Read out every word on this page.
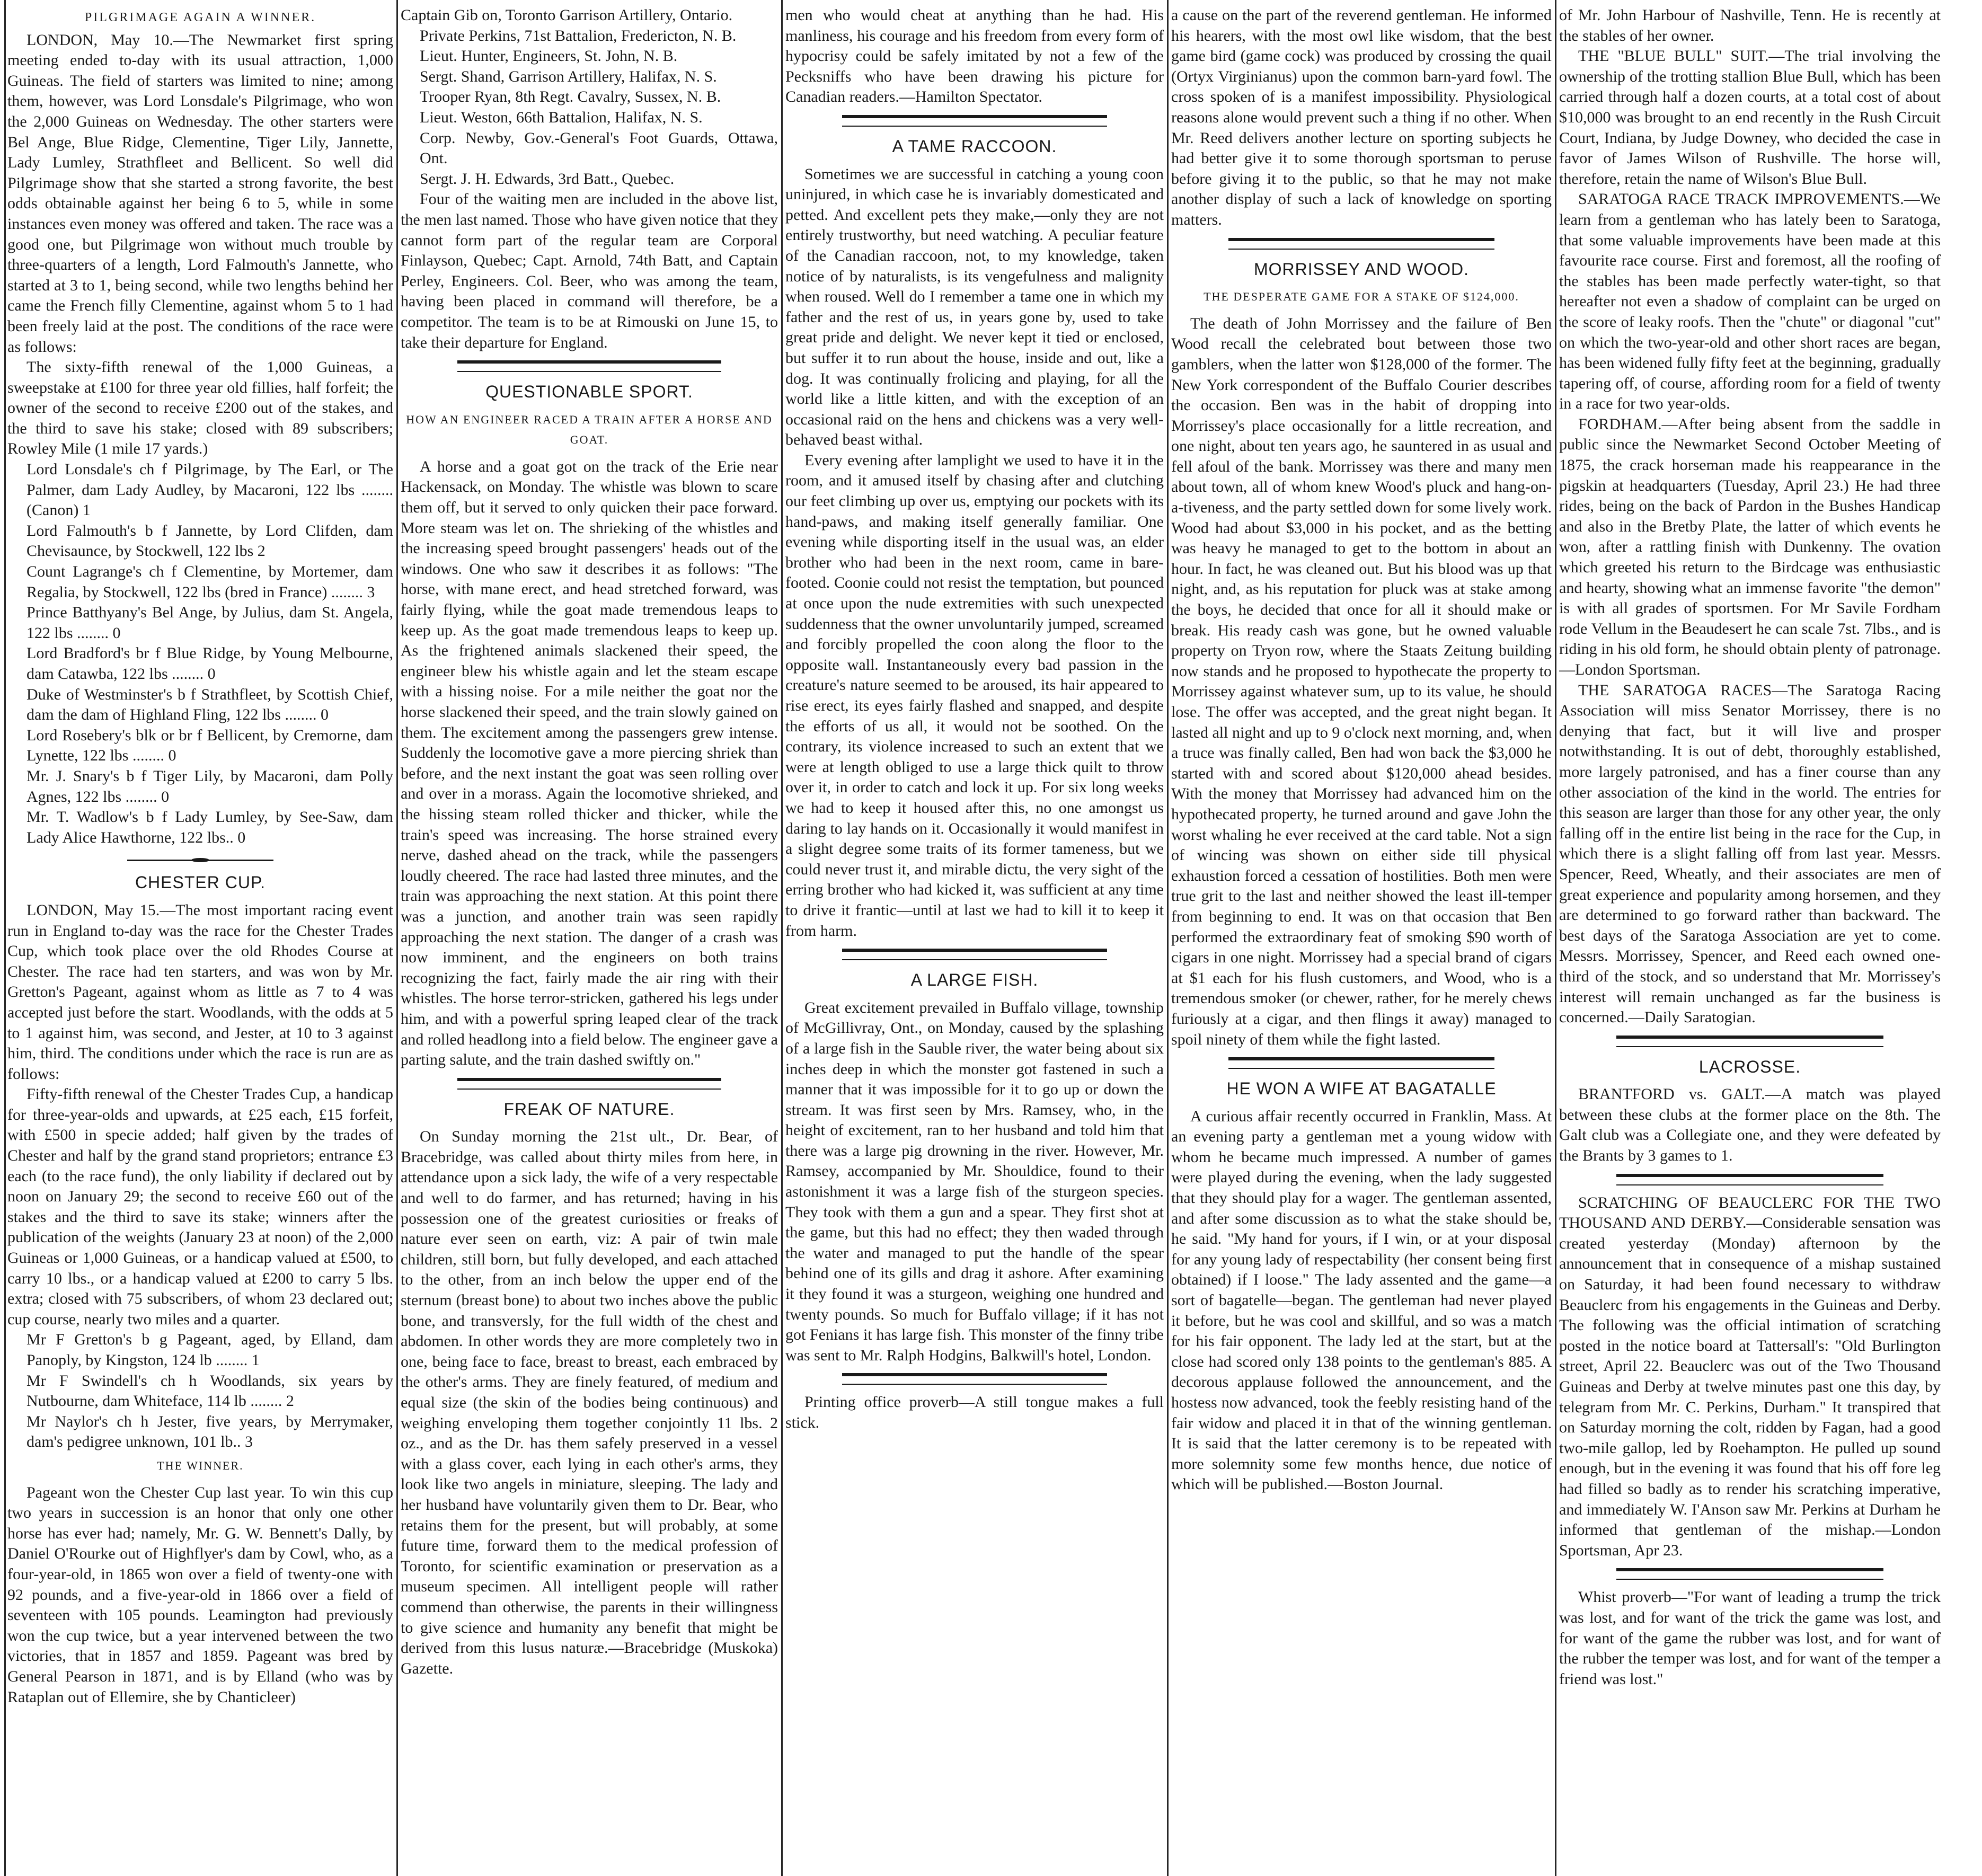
PILGRIMAGE AGAIN A WINNER.

LONDON, May 10.—The Newmarket first spring meeting ended to-day with its usual attraction, 1,000 Guineas. The field of starters was limited to nine; among them, however, was Lord Lonsdale's Pilgrimage, who won the 2,000 Guineas on Wednesday. The other starters were Bel Ange, Blue Ridge, Clementine, Tiger Lily, Jannette, Lady Lumley, Strathfleet and Bellicent. So well did Pilgrimage show that she started a strong favorite, the best odds obtainable against her being 6 to 5, while in some instances even money was offered and taken. The race was a good one, but Pilgrimage won without much trouble by three-quarters of a length, Lord Falmouth's Jannette, who started at 3 to 1, being second, while two lengths behind her came the French filly Clementine, against whom 5 to 1 had been freely laid at the post. The conditions of the race were as follows:

The sixty-fifth renewal of the 1,000 Guineas, a sweepstake at £100 for three year old fillies, half forfeit; the owner of the second to receive £200 out of the stakes, and the third to save his stake; closed with 89 subscribers; Rowley Mile (1 mile 17 yards.)

Lord Lonsdale's ch f Pilgrimage, by The Earl, or The Palmer, dam Lady Audley, by Macaroni, 122 lbs ........(Canon) 1

Lord Falmouth's b f Jannette, by Lord Clifden, dam Chevisaunce, by Stockwell, 122 lbs 2

Count Lagrange's ch f Clementine, by Mortemer, dam Regalia, by Stockwell, 122 lbs (bred in France) ........ 3

Prince Batthyany's Bel Ange, by Julius, dam St. Angela, 122 lbs ........ 0

Lord Bradford's br f Blue Ridge, by Young Melbourne, dam Catawba, 122 lbs ........ 0

Duke of Westminster's b f Strathfleet, by Scottish Chief, dam the dam of Highland Fling, 122 lbs ........ 0

Lord Rosebery's blk or br f Bellicent, by Cremorne, dam Lynette, 122 lbs ........ 0

Mr. J. Snary's b f Tiger Lily, by Macaroni, dam Polly Agnes, 122 lbs ........ 0

Mr. T. Wadlow's b f Lady Lumley, by See-Saw, dam Lady Alice Hawthorne, 122 lbs.. 0

CHESTER CUP.

LONDON, May 15.—The most important racing event run in England to-day was the race for the Chester Trades Cup, which took place over the old Rhodes Course at Chester. The race had ten starters, and was won by Mr. Gretton's Pageant, against whom as little as 7 to 4 was accepted just before the start. Woodlands, with the odds at 5 to 1 against him, was second, and Jester, at 10 to 3 against him, third. The conditions under which the race is run are as follows:

Fifty-fifth renewal of the Chester Trades Cup, a handicap for three-year-olds and upwards, at £25 each, £15 forfeit, with £500 in specie added; half given by the trades of Chester and half by the grand stand proprietors; entrance £3 each (to the race fund), the only liability if declared out by noon on January 29; the second to receive £60 out of the stakes and the third to save its stake; winners after the publication of the weights (January 23 at noon) of the 2,000 Guineas or 1,000 Guineas, or a handicap valued at £500, to carry 10 lbs., or a handicap valued at £200 to carry 5 lbs. extra; closed with 75 subscribers, of whom 23 declared out; cup course, nearly two miles and a quarter.

Mr F Gretton's b g Pageant, aged, by Elland, dam Panoply, by Kingston, 124 lb ........ 1

Mr F Swindell's ch h Woodlands, six years by Nutbourne, dam Whiteface, 114 lb ........ 2

Mr Naylor's ch h Jester, five years, by Merrymaker, dam's pedigree unknown, 101 lb.. 3

THE WINNER.

Pageant won the Chester Cup last year. To win this cup two years in succession is an honor that only one other horse has ever had; namely, Mr. G. W. Bennett's Dally, by Daniel O'Rourke out of Highflyer's dam by Cowl, who, as a four-year-old, in 1865 won over a field of twenty-one with 92 pounds, and a five-year-old in 1866 over a field of seventeen with 105 pounds. Leamington had previously won the cup twice, but a year intervened between the two victories, that in 1857 and 1859. Pageant was bred by General Pearson in 1871, and is by Elland (who was by Rataplan out of Ellemire, she by Chanticleer)

Captain Gib on, Toronto Garrison Artillery, Ontario.

Private Perkins, 71st Battalion, Fredericton, N. B.

Lieut. Hunter, Engineers, St. John, N. B.

Sergt. Shand, Garrison Artillery, Halifax, N. S.

Trooper Ryan, 8th Regt. Cavalry, Sussex, N. B.

Lieut. Weston, 66th Battalion, Halifax, N. S.

Corp. Newby, Gov.-General's Foot Guards, Ottawa, Ont.

Sergt. J. H. Edwards, 3rd Batt., Quebec.

Four of the waiting men are included in the above list, the men last named. Those who have given notice that they cannot form part of the regular team are Corporal Finlayson, Quebec; Capt. Arnold, 74th Batt, and Captain Perley, Engineers. Col. Beer, who was among the team, having been placed in command will therefore, be a competitor. The team is to be at Rimouski on June 15, to take their departure for England.

QUESTIONABLE SPORT.
HOW AN ENGINEER RACED A TRAIN AFTER A HORSE AND GOAT.

A horse and a goat got on the track of the Erie near Hackensack, on Monday. The whistle was blown to scare them off, but it served to only quicken their pace forward. More steam was let on. The shrieking of the whistles and the increasing speed brought passengers' heads out of the windows. One who saw it describes it as follows: "The horse, with mane erect, and head stretched forward, was fairly flying, while the goat made tremendous leaps to keep up. As the goat made tremendous leaps to keep up. As the frightened animals slackened their speed, the engineer blew his whistle again and let the steam escape with a hissing noise. For a mile neither the goat nor the horse slackened their speed, and the train slowly gained on them. The excitement among the passengers grew intense. Suddenly the locomotive gave a more piercing shriek than before, and the next instant the goat was seen rolling over and over in a morass. Again the locomotive shrieked, and the hissing steam rolled thicker and thicker, while the train's speed was increasing. The horse strained every nerve, dashed ahead on the track, while the passengers loudly cheered. The race had lasted three minutes, and the train was approaching the next station. At this point there was a junction, and another train was seen rapidly approaching the next station. The danger of a crash was now imminent, and the engineers on both trains recognizing the fact, fairly made the air ring with their whistles. The horse terror-stricken, gathered his legs under him, and with a powerful spring leaped clear of the track and rolled headlong into a field below. The engineer gave a parting salute, and the train dashed swiftly on."

FREAK OF NATURE.

On Sunday morning the 21st ult., Dr. Bear, of Bracebridge, was called about thirty miles from here, in attendance upon a sick lady, the wife of a very respectable and well to do farmer, and has returned; having in his possession one of the greatest curiosities or freaks of nature ever seen on earth, viz: A pair of twin male children, still born, but fully developed, and each attached to the other, from an inch below the upper end of the sternum (breast bone) to about two inches above the public bone, and transversly, for the full width of the chest and abdomen. In other words they are more completely two in one, being face to face, breast to breast, each embraced by the other's arms. They are finely featured, of medium and equal size (the skin of the bodies being continuous) and weighing enveloping them together conjointly 11 lbs. 2 oz., and as the Dr. has them safely preserved in a vessel with a glass cover, each lying in each other's arms, they look like two angels in miniature, sleeping. The lady and her husband have voluntarily given them to Dr. Bear, who retains them for the present, but will probably, at some future time, forward them to the medical profession of Toronto, for scientific examination or preservation as a museum specimen. All intelligent people will rather commend than otherwise, the parents in their willingness to give science and humanity any benefit that might be derived from this lusus naturæ.—Bracebridge (Muskoka) Gazette.

men who would cheat at anything than he had. His manliness, his courage and his freedom from every form of hypocrisy could be safely imitated by not a few of the Pecksniffs who have been drawing his picture for Canadian readers.—Hamilton Spectator.

A TAME RACCOON.

Sometimes we are successful in catching a young coon uninjured, in which case he is invariably domesticated and petted. And excellent pets they make,—only they are not entirely trustworthy, but need watching. A peculiar feature of the Canadian raccoon, not, to my knowledge, taken notice of by naturalists, is its vengefulness and malignity when roused. Well do I remember a tame one in which my father and the rest of us, in years gone by, used to take great pride and delight. We never kept it tied or enclosed, but suffer it to run about the house, inside and out, like a dog. It was continually frolicing and playing, for all the world like a little kitten, and with the exception of an occasional raid on the hens and chickens was a very well-behaved beast withal.

Every evening after lamplight we used to have it in the room, and it amused itself by chasing after and clutching our feet climbing up over us, emptying our pockets with its hand-paws, and making itself generally familiar. One evening while disporting itself in the usual was, an elder brother who had been in the next room, came in bare-footed. Coonie could not resist the temptation, but pounced at once upon the nude extremities with such unexpected suddenness that the owner unvoluntarily jumped, screamed and forcibly propelled the coon along the floor to the opposite wall. Instantaneously every bad passion in the creature's nature seemed to be aroused, its hair appeared to rise erect, its eyes fairly flashed and snapped, and despite the efforts of us all, it would not be soothed. On the contrary, its violence increased to such an extent that we were at length obliged to use a large thick quilt to throw over it, in order to catch and lock it up. For six long weeks we had to keep it housed after this, no one amongst us daring to lay hands on it. Occasionally it would manifest in a slight degree some traits of its former tameness, but we could never trust it, and mirable dictu, the very sight of the erring brother who had kicked it, was sufficient at any time to drive it frantic—until at last we had to kill it to keep it from harm.

A LARGE FISH.

Great excitement prevailed in Buffalo village, township of McGillivray, Ont., on Monday, caused by the splashing of a large fish in the Sauble river, the water being about six inches deep in which the monster got fastened in such a manner that it was impossible for it to go up or down the stream. It was first seen by Mrs. Ramsey, who, in the height of excitement, ran to her husband and told him that there was a large pig drowning in the river. However, Mr. Ramsey, accompanied by Mr. Shouldice, found to their astonishment it was a large fish of the sturgeon species. They took with them a gun and a spear. They first shot at the game, but this had no effect; they then waded through the water and managed to put the handle of the spear behind one of its gills and drag it ashore. After examining it they found it was a sturgeon, weighing one hundred and twenty pounds. So much for Buffalo village; if it has not got Fenians it has large fish. This monster of the finny tribe was sent to Mr. Ralph Hodgins, Balkwill's hotel, London.

Printing office proverb—A still tongue makes a full stick.

a cause on the part of the reverend gentleman. He informed his hearers, with the most owl like wisdom, that the best game bird (game cock) was produced by crossing the quail (Ortyx Virginianus) upon the common barn-yard fowl. The cross spoken of is a manifest impossibility. Physiological reasons alone would prevent such a thing if no other. When Mr. Reed delivers another lecture on sporting subjects he had better give it to some thorough sportsman to peruse before giving it to the public, so that he may not make another display of such a lack of knowledge on sporting matters.

MORRISSEY AND WOOD.
THE DESPERATE GAME FOR A STAKE OF $124,000.

The death of John Morrissey and the failure of Ben Wood recall the celebrated bout between those two gamblers, when the latter won $128,000 of the former. The New York correspondent of the Buffalo Courier describes the occasion. Ben was in the habit of dropping into Morrissey's place occasionally for a little recreation, and one night, about ten years ago, he sauntered in as usual and fell afoul of the bank. Morrissey was there and many men about town, all of whom knew Wood's pluck and hang-on-a-tiveness, and the party settled down for some lively work. Wood had about $3,000 in his pocket, and as the betting was heavy he managed to get to the bottom in about an hour. In fact, he was cleaned out. But his blood was up that night, and, as his reputation for pluck was at stake among the boys, he decided that once for all it should make or break. His ready cash was gone, but he owned valuable property on Tryon row, where the Staats Zeitung building now stands and he proposed to hypothecate the property to Morrissey against whatever sum, up to its value, he should lose. The offer was accepted, and the great night began. It lasted all night and up to 9 o'clock next morning, and, when a truce was finally called, Ben had won back the $3,000 he started with and scored about $120,000 ahead besides. With the money that Morrissey had advanced him on the hypothecated property, he turned around and gave John the worst whaling he ever received at the card table. Not a sign of wincing was shown on either side till physical exhaustion forced a cessation of hostilities. Both men were true grit to the last and neither showed the least ill-temper from beginning to end. It was on that occasion that Ben performed the extraordinary feat of smoking $90 worth of cigars in one night. Morrissey had a special brand of cigars at $1 each for his flush customers, and Wood, who is a tremendous smoker (or chewer, rather, for he merely chews furiously at a cigar, and then flings it away) managed to spoil ninety of them while the fight lasted.

HE WON A WIFE AT BAGATALLE

A curious affair recently occurred in Franklin, Mass. At an evening party a gentleman met a young widow with whom he became much impressed. A number of games were played during the evening, when the lady suggested that they should play for a wager. The gentleman assented, and after some discussion as to what the stake should be, he said. "My hand for yours, if I win, or at your disposal for any young lady of respectability (her consent being first obtained) if I loose." The lady assented and the game—a sort of bagatelle—began. The gentleman had never played it before, but he was cool and skillful, and so was a match for his fair opponent. The lady led at the start, but at the close had scored only 138 points to the gentleman's 885. A decorous applause followed the announcement, and the hostess now advanced, took the feebly resisting hand of the fair widow and placed it in that of the winning gentleman. It is said that the latter ceremony is to be repeated with more solemnity some few months hence, due notice of which will be published.—Boston Journal.

of Mr. John Harbour of Nashville, Tenn. He is recently at the stables of her owner.

THE "BLUE BULL" SUIT.—The trial involving the ownership of the trotting stallion Blue Bull, which has been carried through half a dozen courts, at a total cost of about $10,000 was brought to an end recently in the Rush Circuit Court, Indiana, by Judge Downey, who decided the case in favor of James Wilson of Rushville. The horse will, therefore, retain the name of Wilson's Blue Bull.

SARATOGA RACE TRACK IMPROVEMENTS.—We learn from a gentleman who has lately been to Saratoga, that some valuable improvements have been made at this favourite race course. First and foremost, all the roofing of the stables has been made perfectly water-tight, so that hereafter not even a shadow of complaint can be urged on the score of leaky roofs. Then the "chute" or diagonal "cut" on which the two-year-old and other short races are began, has been widened fully fifty feet at the beginning, gradually tapering off, of course, affording room for a field of twenty in a race for two year-olds.

FORDHAM.—After being absent from the saddle in public since the Newmarket Second October Meeting of 1875, the crack horseman made his reappearance in the pigskin at headquarters (Tuesday, April 23.) He had three rides, being on the back of Pardon in the Bushes Handicap and also in the Bretby Plate, the latter of which events he won, after a rattling finish with Dunkenny. The ovation which greeted his return to the Birdcage was enthusiastic and hearty, showing what an immense favorite "the demon" is with all grades of sportsmen. For Mr Savile Fordham rode Vellum in the Beaudesert he can scale 7st. 7lbs., and is riding in his old form, he should obtain plenty of patronage.—London Sportsman.

THE SARATOGA RACES—The Saratoga Racing Association will miss Senator Morrissey, there is no denying that fact, but it will live and prosper notwithstanding. It is out of debt, thoroughly established, more largely patronised, and has a finer course than any other association of the kind in the world. The entries for this season are larger than those for any other year, the only falling off in the entire list being in the race for the Cup, in which there is a slight falling off from last year. Messrs. Spencer, Reed, Wheatly, and their associates are men of great experience and popularity among horsemen, and they are determined to go forward rather than backward. The best days of the Saratoga Association are yet to come. Messrs. Morrissey, Spencer, and Reed each owned one-third of the stock, and so understand that Mr. Morrissey's interest will remain unchanged as far the business is concerned.—Daily Saratogian.

LACROSSE.

BRANTFORD vs. GALT.—A match was played between these clubs at the former place on the 8th. The Galt club was a Collegiate one, and they were defeated by the Brants by 3 games to 1.

SCRATCHING OF BEAUCLERC FOR THE TWO THOUSAND AND DERBY.—Considerable sensation was created yesterday (Monday) afternoon by the announcement that in consequence of a mishap sustained on Saturday, it had been found necessary to withdraw Beauclerc from his engagements in the Guineas and Derby. The following was the official intimation of scratching posted in the notice board at Tattersall's: "Old Burlington street, April 22. Beauclerc was out of the Two Thousand Guineas and Derby at twelve minutes past one this day, by telegram from Mr. C. Perkins, Durham." It transpired that on Saturday morning the colt, ridden by Fagan, had a good two-mile gallop, led by Roehampton. He pulled up sound enough, but in the evening it was found that his off fore leg had filled so badly as to render his scratching imperative, and immediately W. I'Anson saw Mr. Perkins at Durham he informed that gentleman of the mishap.—London Sportsman, Apr 23.

Whist proverb—"For want of leading a trump the trick was lost, and for want of the trick the game was lost, and for want of the game the rubber was lost, and for want of the rubber the temper was lost, and for want of the temper a friend was lost."
